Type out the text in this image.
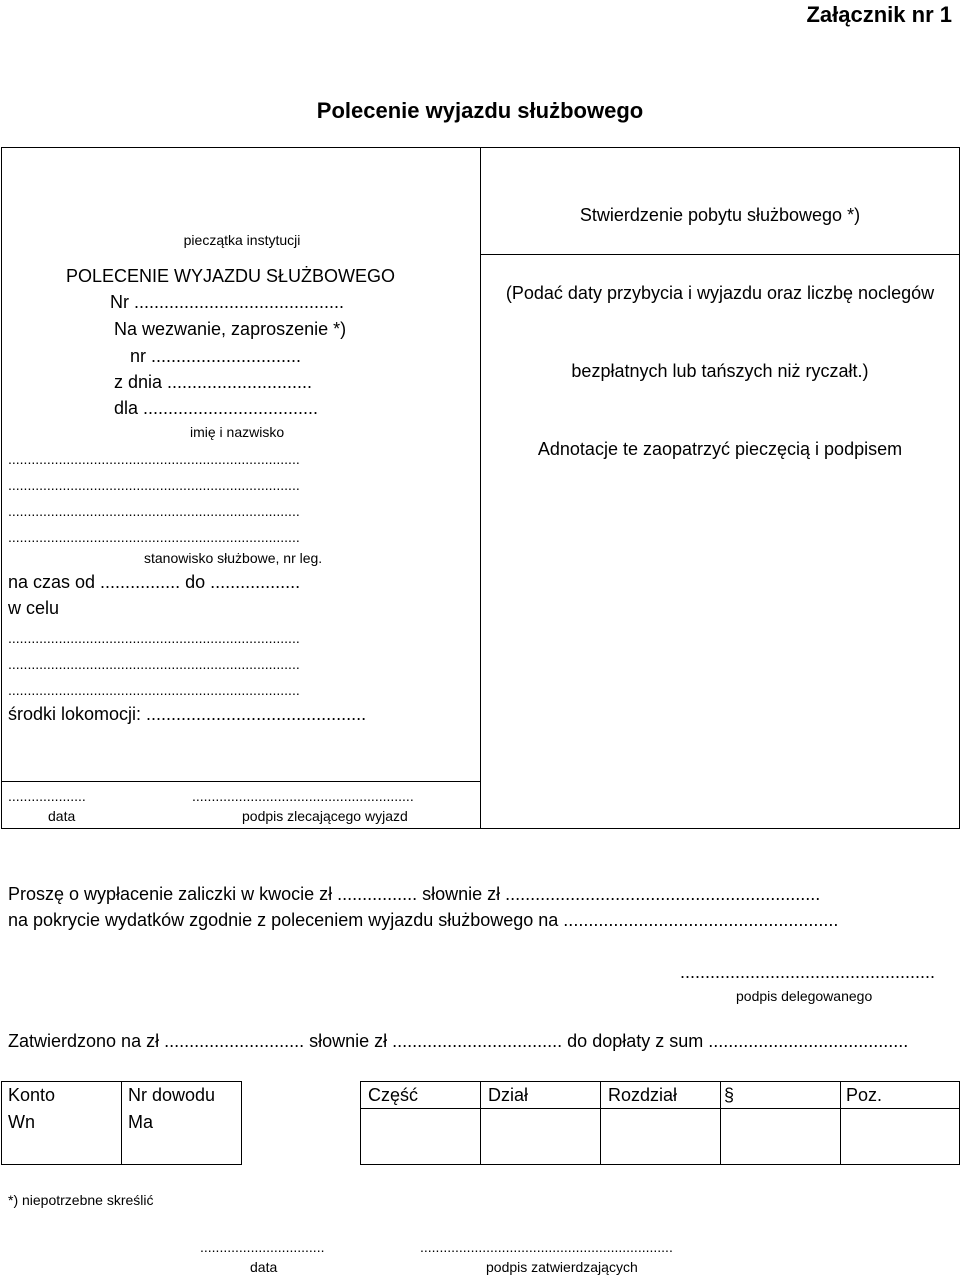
Załącznik nr 1
Polecenie wyjazdu służbowego
pieczątka instytucji
POLECENIE WYJAZDU SŁUŻBOWEGO
Nr ..........................................
Na wezwanie, zaproszenie *)
nr ..............................
z dnia .............................
dla ...................................
imię i nazwisko
...........................................................................
...........................................................................
...........................................................................
...........................................................................
stanowisko służbowe, nr leg.
na czas od ................ do ..................
w celu
...........................................................................
...........................................................................
...........................................................................
środki lokomocji: ............................................
....................	.........................................................
data	podpis zlecającego wyjazd

Stwierdzenie pobytu służbowego *)

(Podać daty przybycia i wyjazdu oraz liczbę noclegów

bezpłatnych lub tańszych niż ryczałt.)

Adnotacje te zaopatrzyć pieczęcią i podpisem

Proszę o wypłacenie zaliczki w kwocie zł ................ słownie zł ...............................................................
na pokrycie wydatków zgodnie z poleceniem wyjazdu służbowego na .......................................................
...................................................
podpis delegowanego
Zatwierdzono na zł ............................ słownie zł .................................. do dopłaty z sum ........................................
Konto	Nr dowodu
Wn	Ma
Część	Dział	Rozdział	§	Poz.
*) niepotrzebne skreślić
................................	.................................................................
data	podpis zatwierdzających
